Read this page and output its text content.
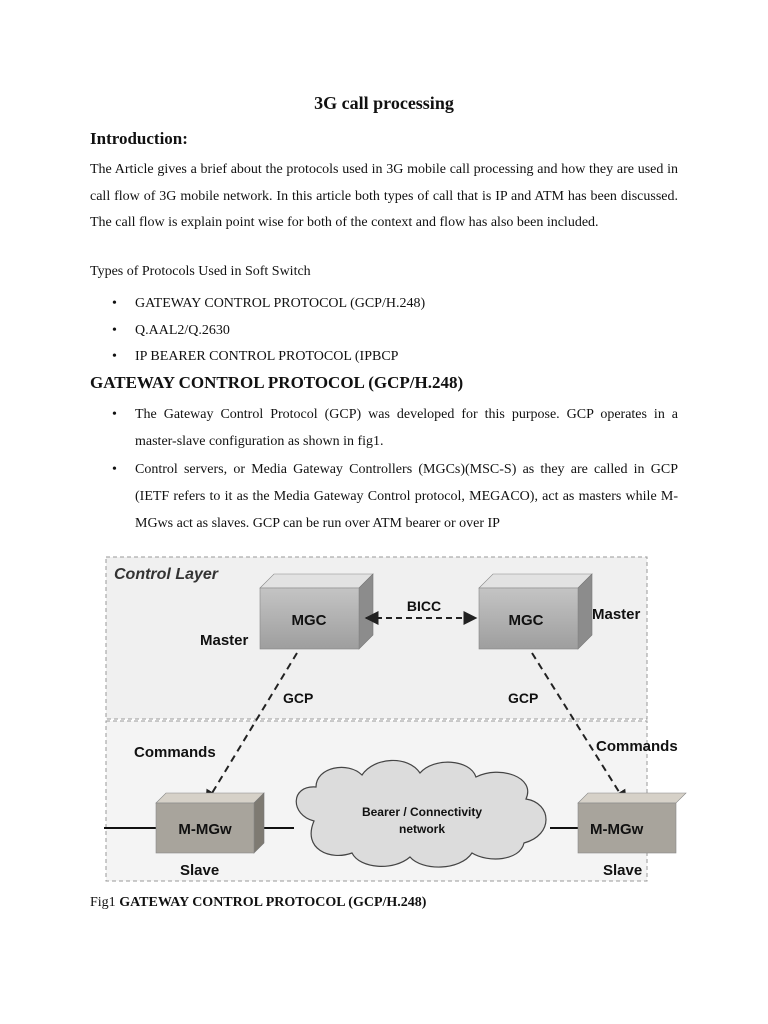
3G call processing
Introduction:
The Article gives a brief about the protocols used in 3G mobile call processing and how they are used in call flow of 3G mobile network. In this article both types of call that is IP and ATM has been discussed. The call flow is explain point wise for both of the context and flow has also been included.
Types of Protocols Used in Soft Switch
• GATEWAY CONTROL PROTOCOL (GCP/H.248)
• Q.AAL2/Q.2630
• IP BEARER CONTROL PROTOCOL (IPBCP
GATEWAY CONTROL PROTOCOL (GCP/H.248)
• The Gateway Control Protocol (GCP) was developed for this purpose. GCP operates in a master-slave configuration as shown in fig1.
• Control servers, or Media Gateway Controllers (MGCs)(MSC-S) as they are called in GCP (IETF refers to it as the Media Gateway Control protocol, MEGACO), act as masters while M-MGws act as slaves. GCP can be run over ATM bearer or over IP
Control Layer
MGC	MGC
BICC
Master
Master
GCP	GCP
Commands	Commands
Bearer / Connectivity
network
M-MGw	M-MGw
Slave	Slave
Fig1 GATEWAY CONTROL PROTOCOL (GCP/H.248)
